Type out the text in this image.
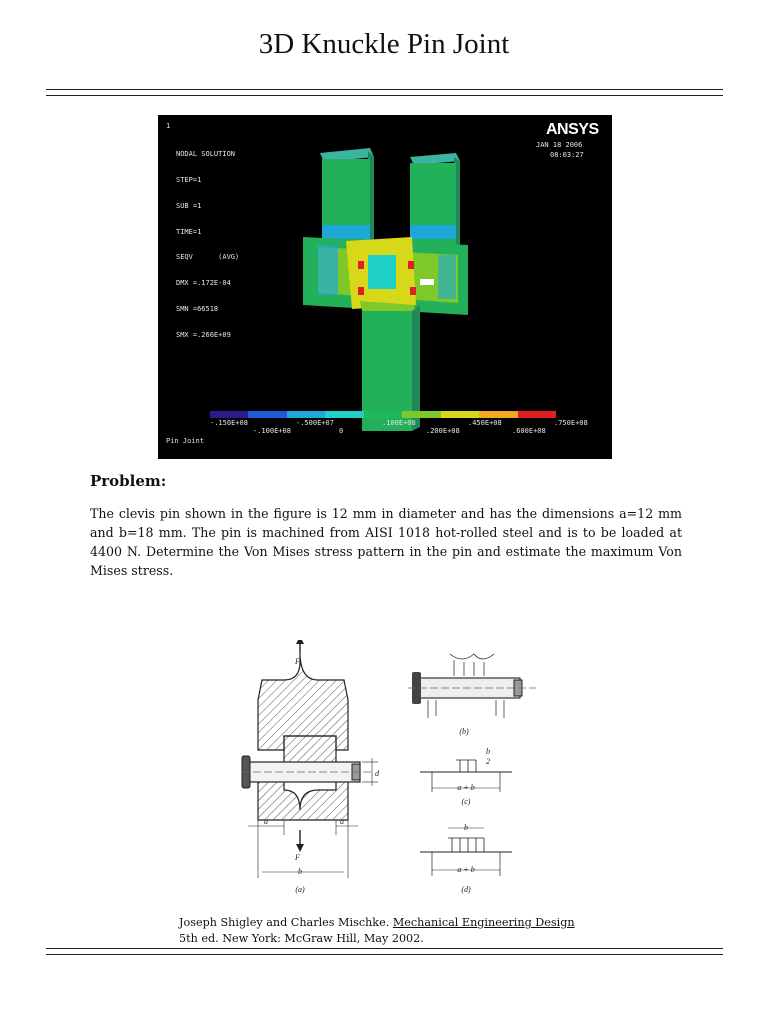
3D Knuckle Pin Joint
1

NODAL SOLUTION

STEP=1

SUB =1

TIME=1

SEQV      (AVG)

DMX =.172E-04

SMN =66518

SMX =.266E+09

ANSYS
JAN 18 2006
08:03:27
-.150E+08	-.500E+07	.100E+08	.450E+08	.750E+08
-.100E+08	0	.200E+08	.600E+08
Pin Joint
Problem:
The clevis pin shown in the figure is 12 mm in diameter and has the dimensions a=12 mm and b=18 mm. The pin is machined from AISI 1018 hot-rolled steel and is to be loaded at 4400 N. Determine the Von Mises stress pattern in the pin and estimate the maximum Von Mises stress.
d
a	a
b
F
F
(a)
(b)
b
2
a + b
(c)
b
a + b
(d)
Joseph Shigley and Charles Mischke. Mechanical Engineering Design
5th ed. New York: McGraw Hill, May 2002.
